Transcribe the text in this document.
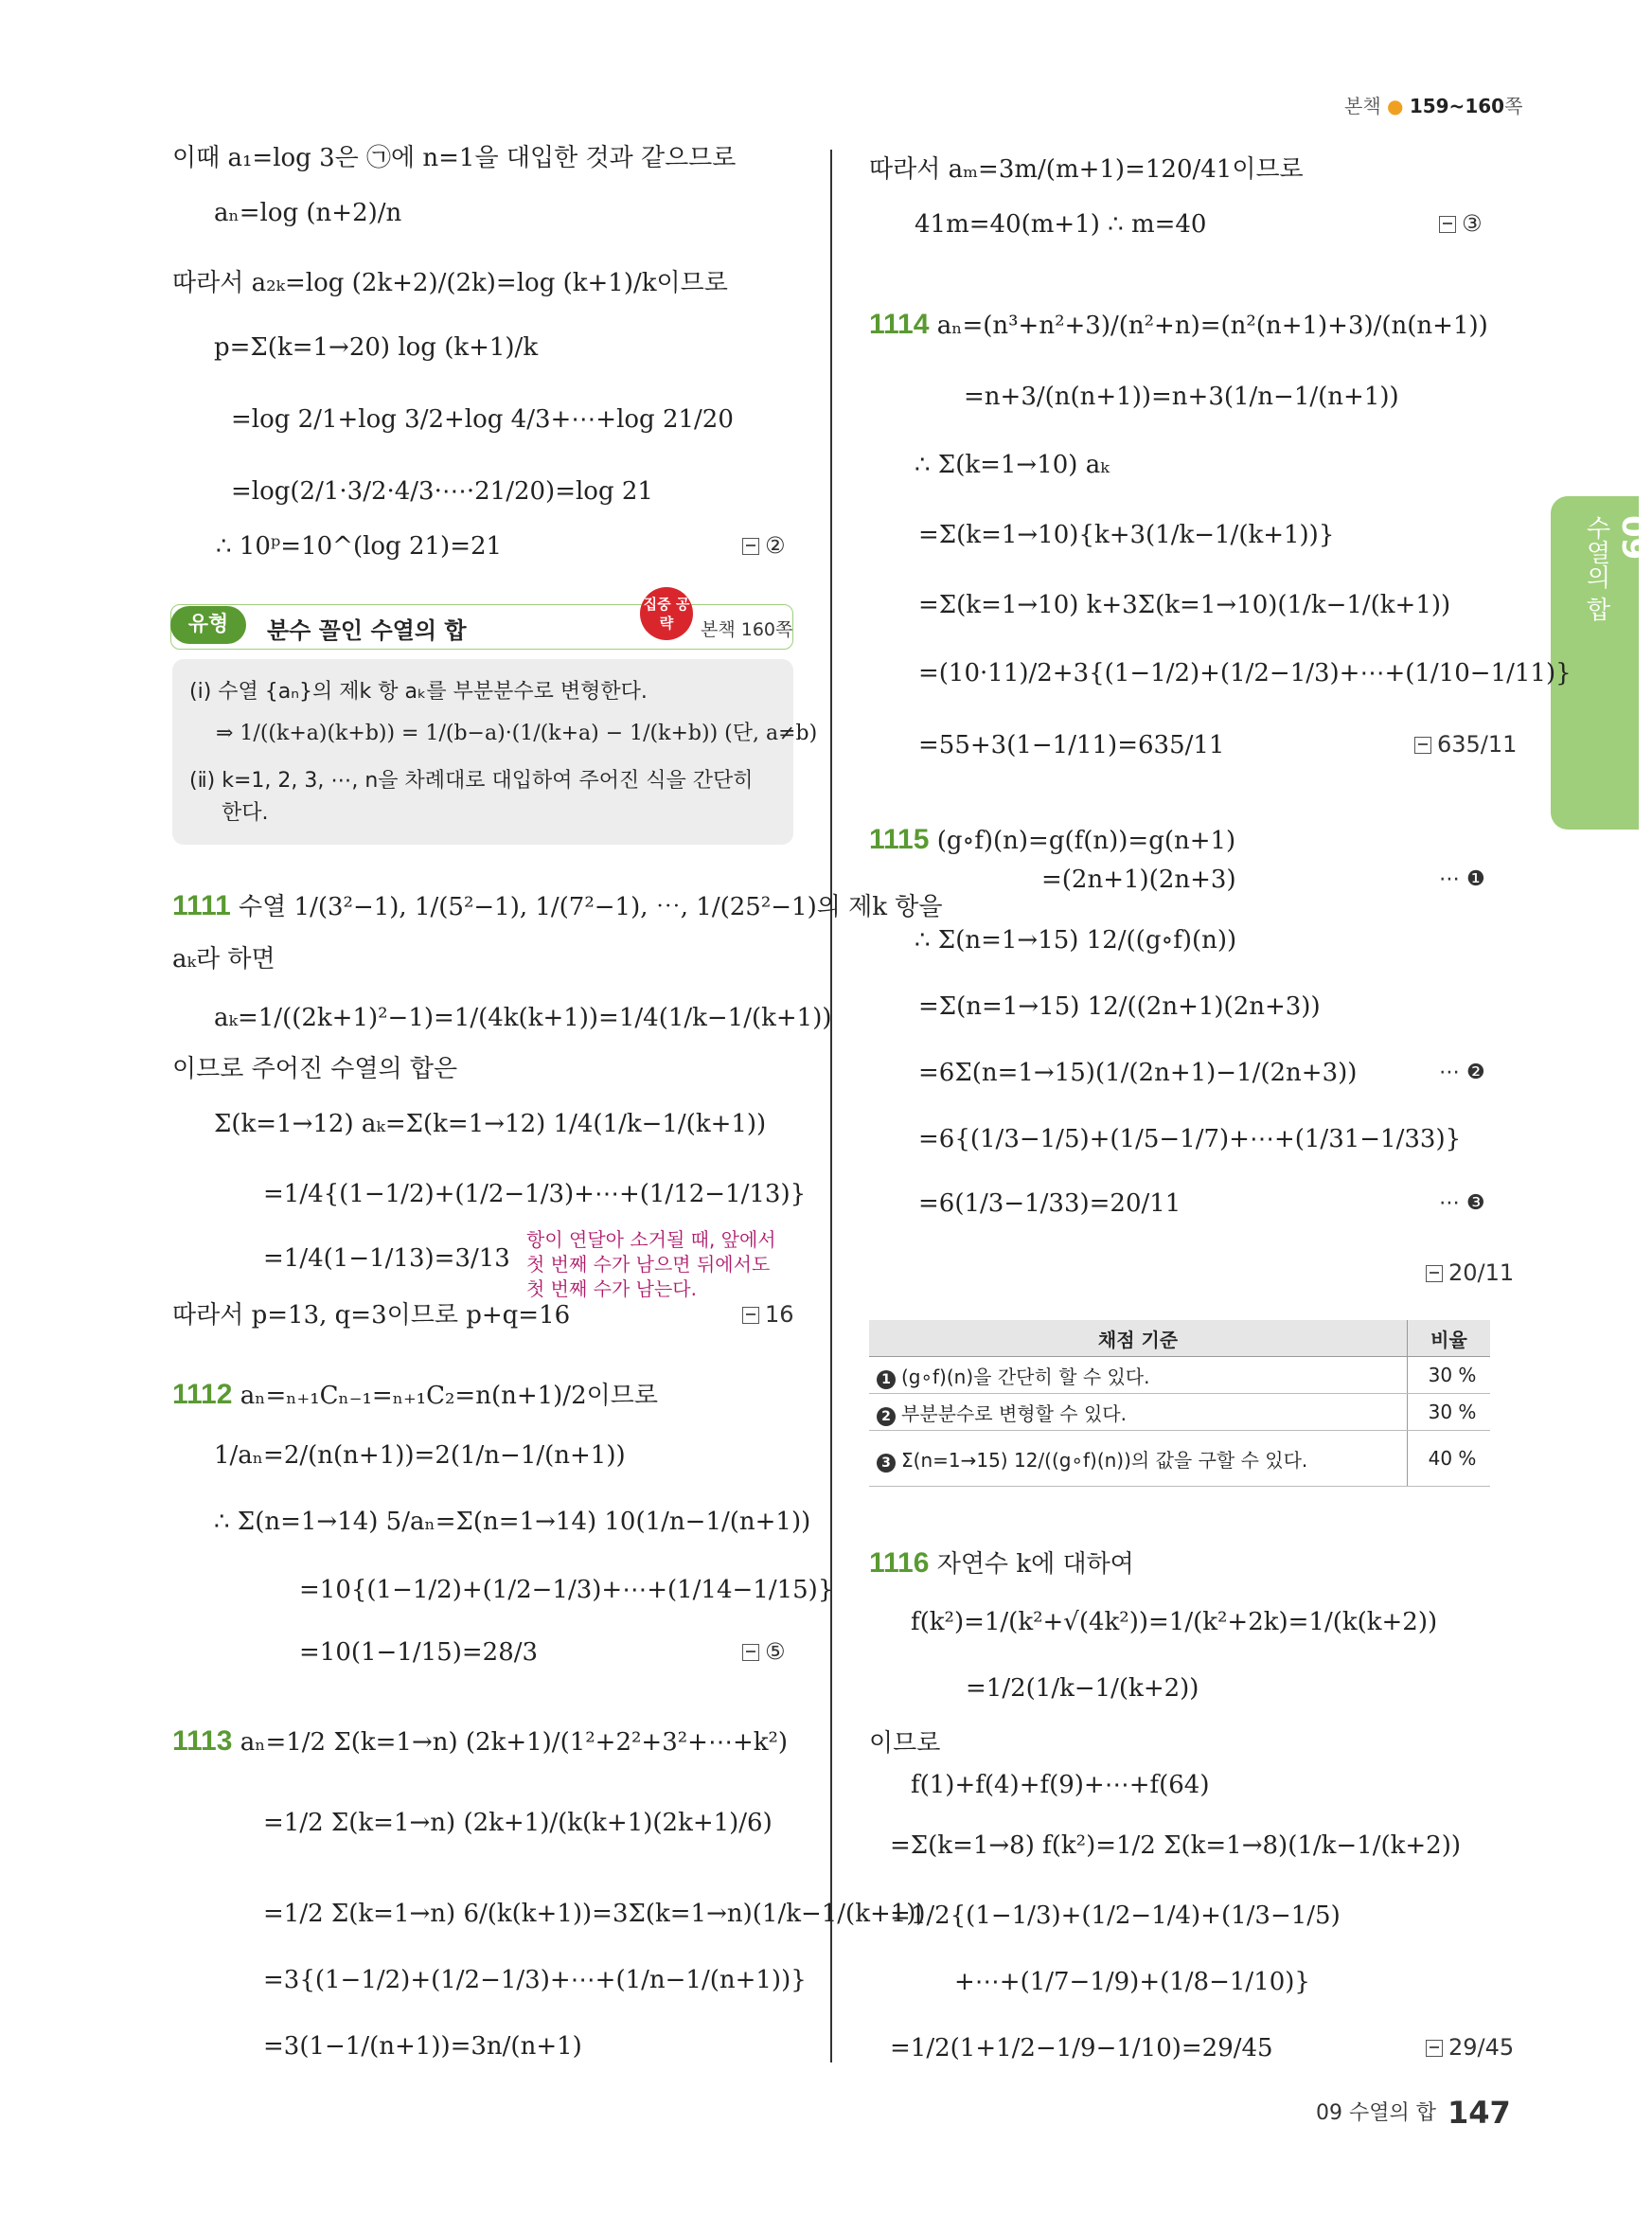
본책 ● 159~160쪽
09
수열의 합
이때 a₁=log 3은 ㉠에 n=1을 대입한 것과 같으므로
aₙ=log (n+2)/n
따라서 a₂ₖ=log (2k+2)/(2k)=log (k+1)/k이므로
p=Σ(k=1→20) log (k+1)/k
=log 2/1+log 3/2+log 4/3+⋯+log 21/20
=log(2/1·3/2·4/3·⋯·21/20)=log 21
∴ 10ᵖ=10^(log 21)=21	②
유형	분수 꼴인 수열의 합
집중 공략	본책 160쪽
(ⅰ) 수열 {aₙ}의 제k 항 aₖ를 부분분수로 변형한다.
⇒ 1/((k+a)(k+b)) = 1/(b−a)·(1/(k+a) − 1/(k+b)) (단, a≠b)
(ⅱ) k=1, 2, 3, ⋯, n을 차례대로 대입하여 주어진 식을 간단히
한다.
1111 수열 1/(3²−1), 1/(5²−1), 1/(7²−1), ⋯, 1/(25²−1)의 제k 항을
aₖ라 하면
aₖ=1/((2k+1)²−1)=1/(4k(k+1))=1/4(1/k−1/(k+1))
이므로 주어진 수열의 합은
Σ(k=1→12) aₖ=Σ(k=1→12) 1/4(1/k−1/(k+1))
=1/4{(1−1/2)+(1/2−1/3)+⋯+(1/12−1/13)}
=1/4(1−1/13)=3/13
항이 연달아 소거될 때, 앞에서
첫 번째 수가 남으면 뒤에서도
첫 번째 수가 남는다.
따라서 p=13, q=3이므로 p+q=16	16
1112 aₙ=ₙ₊₁Cₙ₋₁=ₙ₊₁C₂=n(n+1)/2이므로
1/aₙ=2/(n(n+1))=2(1/n−1/(n+1))
∴ Σ(n=1→14) 5/aₙ=Σ(n=1→14) 10(1/n−1/(n+1))
=10{(1−1/2)+(1/2−1/3)+⋯+(1/14−1/15)}
=10(1−1/15)=28/3	⑤
1113 aₙ=1/2 Σ(k=1→n) (2k+1)/(1²+2²+3²+⋯+k²)
=1/2 Σ(k=1→n) (2k+1)/(k(k+1)(2k+1)/6)
=1/2 Σ(k=1→n) 6/(k(k+1))=3Σ(k=1→n)(1/k−1/(k+1))
=3{(1−1/2)+(1/2−1/3)+⋯+(1/n−1/(n+1))}
=3(1−1/(n+1))=3n/(n+1)
따라서 aₘ=3m/(m+1)=120/41이므로
41m=40(m+1) ∴ m=40	③
1114 aₙ=(n³+n²+3)/(n²+n)=(n²(n+1)+3)/(n(n+1))
=n+3/(n(n+1))=n+3(1/n−1/(n+1))
∴ Σ(k=1→10) aₖ
=Σ(k=1→10){k+3(1/k−1/(k+1))}
=Σ(k=1→10) k+3Σ(k=1→10)(1/k−1/(k+1))
=(10·11)/2+3{(1−1/2)+(1/2−1/3)+⋯+(1/10−1/11)}
=55+3(1−1/11)=635/11	635/11
1115 (g∘f)(n)=g(f(n))=g(n+1)
=(2n+1)(2n+3)	⋯ ❶
∴ Σ(n=1→15) 12/((g∘f)(n))
=Σ(n=1→15) 12/((2n+1)(2n+3))
=6Σ(n=1→15)(1/(2n+1)−1/(2n+3))	⋯ ❷
=6{(1/3−1/5)+(1/5−1/7)+⋯+(1/31−1/33)}
=6(1/3−1/33)=20/11	⋯ ❸
20/11
채점 기준	비율
1 (g∘f)(n)을 간단히 할 수 있다.	30 %
2 부분분수로 변형할 수 있다.	30 %
3 Σ(n=1→15) 12/((g∘f)(n))의 값을 구할 수 있다.	40 %
1116 자연수 k에 대하여
f(k²)=1/(k²+√(4k²))=1/(k²+2k)=1/(k(k+2))
=1/2(1/k−1/(k+2))
이므로
f(1)+f(4)+f(9)+⋯+f(64)
=Σ(k=1→8) f(k²)=1/2 Σ(k=1→8)(1/k−1/(k+2))
=1/2{(1−1/3)+(1/2−1/4)+(1/3−1/5)
+⋯+(1/7−1/9)+(1/8−1/10)}
=1/2(1+1/2−1/9−1/10)=29/45	29/45
09 수열의 합 147
